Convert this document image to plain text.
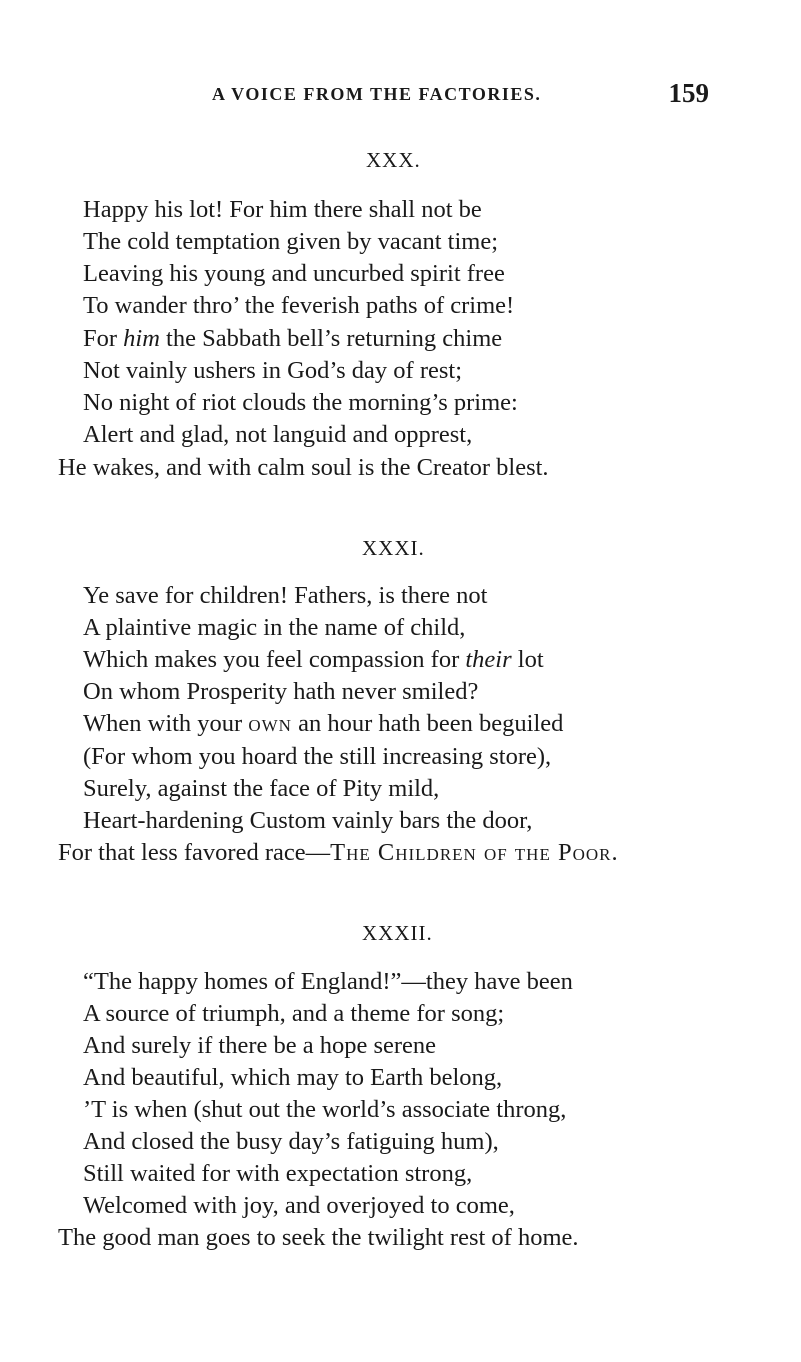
A VOICE FROM THE FACTORIES.	159
XXX.
Happy his lot! For him there shall not be
The cold temptation given by vacant time;
Leaving his young and uncurbed spirit free
To wander thro’ the feverish paths of crime!
For him the Sabbath bell’s returning chime
Not vainly ushers in God’s day of rest;
No night of riot clouds the morning’s prime:
Alert and glad, not languid and opprest,
He wakes, and with calm soul is the Creator blest.
XXXI.
Ye save for children! Fathers, is there not
A plaintive magic in the name of child,
Which makes you feel compassion for their lot
On whom Prosperity hath never smiled?
When with your own an hour hath been beguiled
(For whom you hoard the still increasing store),
Surely, against the face of Pity mild,
Heart-hardening Custom vainly bars the door,
For that less favored race—The Children of the Poor.
XXXII.
“The happy homes of England!”—they have been
A source of triumph, and a theme for song;
And surely if there be a hope serene
And beautiful, which may to Earth belong,
’T is when (shut out the world’s associate throng,
And closed the busy day’s fatiguing hum),
Still waited for with expectation strong,
Welcomed with joy, and overjoyed to come,
The good man goes to seek the twilight rest of home.
